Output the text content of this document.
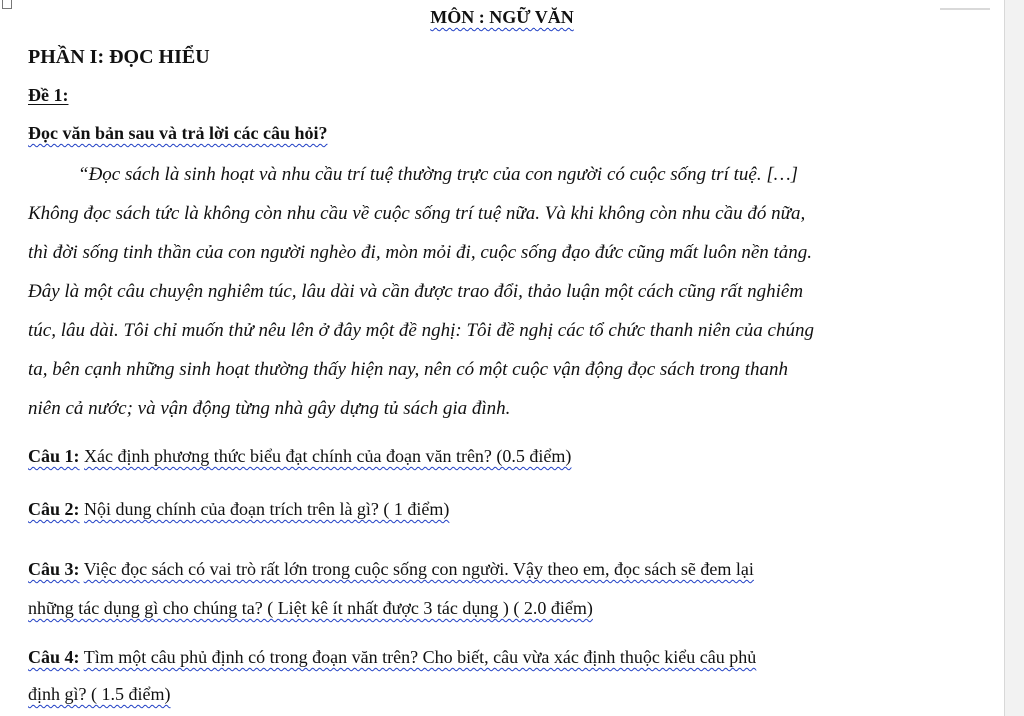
MÔN : NGỮ VĂN
PHẦN I: ĐỌC HIỂU
Đề 1:
Đọc văn bản sau và trả lời các câu hỏi?
“Đọc sách là sinh hoạt và nhu cầu trí tuệ thường trực của con người có cuộc sống trí tuệ. […]
Không đọc sách tức là không còn nhu cầu về cuộc sống trí tuệ nữa. Và khi không còn nhu cầu đó nữa,
thì đời sống tinh thần của con người nghèo đi, mòn mỏi đi, cuộc sống đạo đức cũng mất luôn nền tảng.
Đây là một câu chuyện nghiêm túc, lâu dài và cần được trao đổi, thảo luận một cách cũng rất nghiêm
túc, lâu dài. Tôi chỉ muốn thử nêu lên ở đây một đề nghị: Tôi đề nghị các tổ chức thanh niên của chúng
ta, bên cạnh những sinh hoạt thường thấy hiện nay, nên có một cuộc vận động đọc sách trong thanh
niên cả nước; và vận động từng nhà gây dựng tủ sách gia đình.
Câu 1: Xác định phương thức biểu đạt chính của đoạn văn trên? (0.5 điểm)
Câu 2: Nội dung chính của đoạn trích trên là gì? ( 1 điểm)
Câu 3: Việc đọc sách có vai trò rất lớn trong cuộc sống con người. Vậy theo em, đọc sách sẽ đem lại
những tác dụng gì cho chúng ta? ( Liệt kê ít nhất được 3 tác dụng ) ( 2.0 điểm)
Câu 4: Tìm một câu phủ định có trong đoạn văn trên? Cho biết, câu vừa xác định thuộc kiểu câu phủ
định gì? ( 1.5 điểm)
